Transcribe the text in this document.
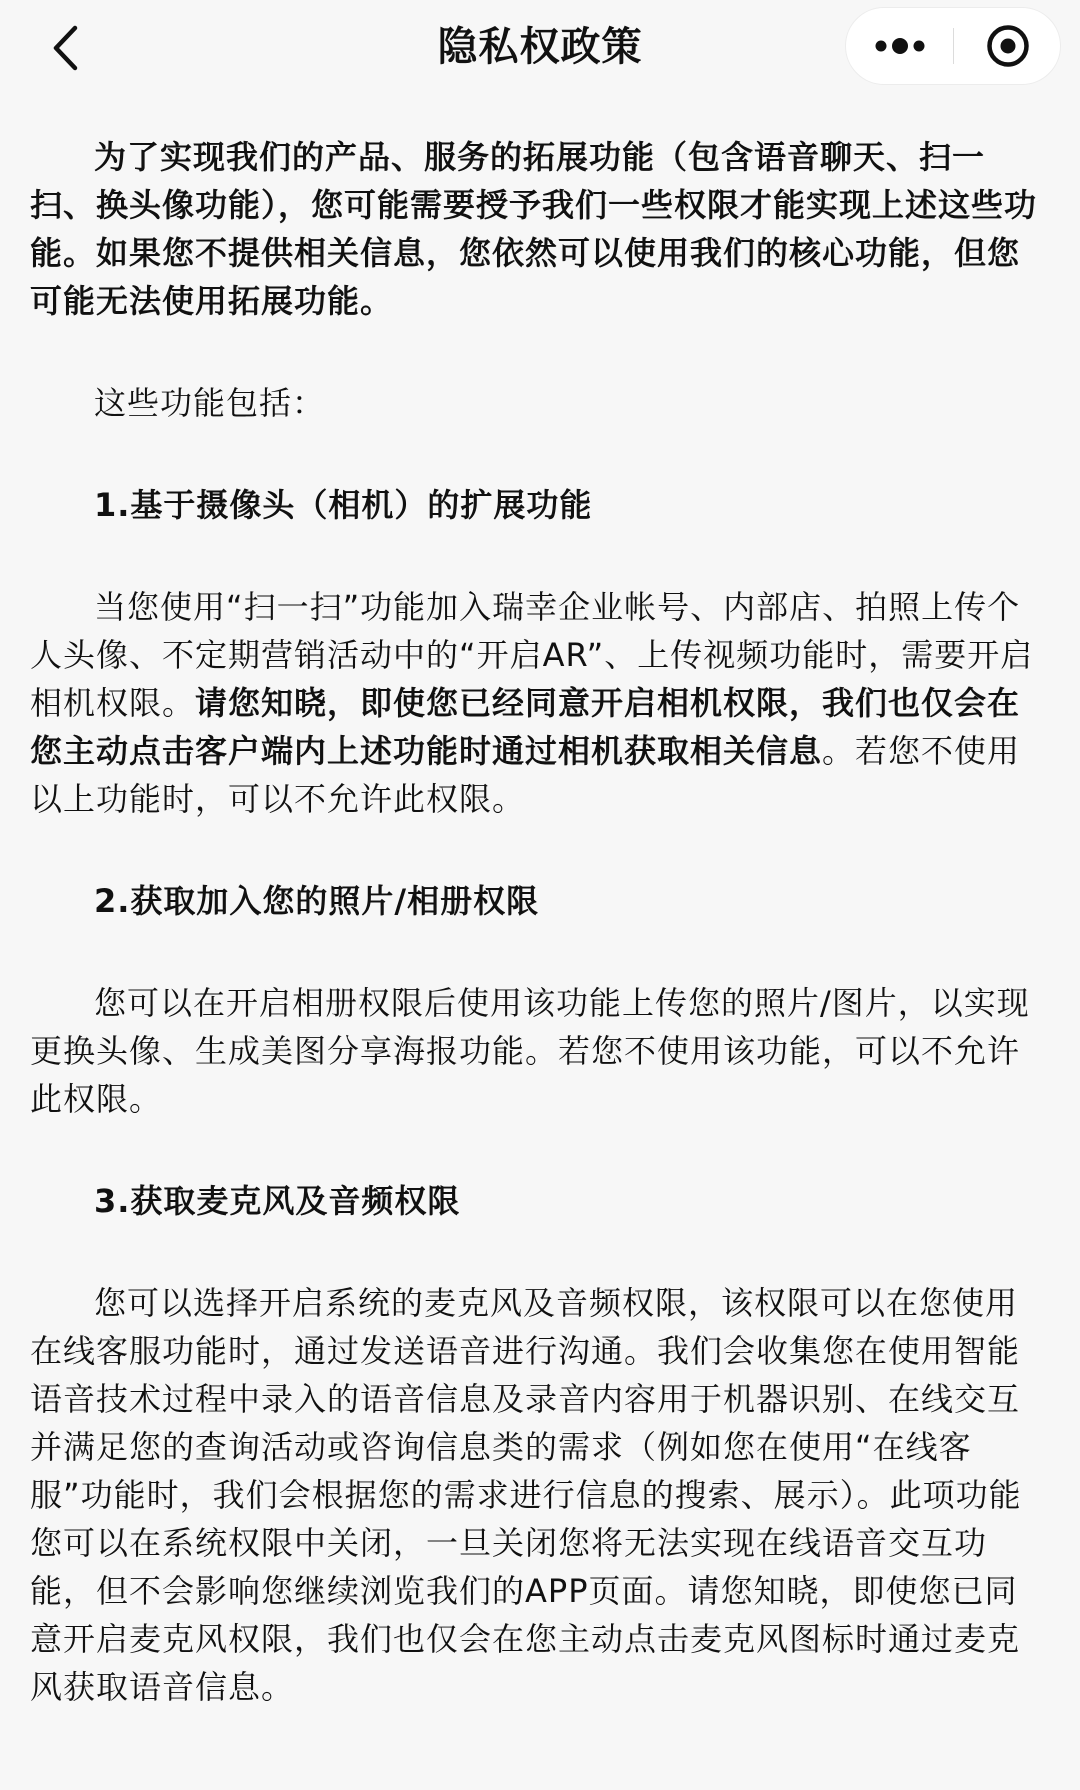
隐私权政策

为了实现我们的产品、服务的拓展功能（包含语音聊天、扫一扫、换头像功能），您可能需要授予我们一些权限才能实现上述这些功能。如果您不提供相关信息，您依然可以使用我们的核心功能，但您可能无法使用拓展功能。

这些功能包括：

1.基于摄像头（相机）的扩展功能

当您使用“扫一扫”功能加入瑞幸企业帐号、内部店、拍照上传个人头像、不定期营销活动中的“开启AR”、上传视频功能时，需要开启相机权限。请您知晓，即使您已经同意开启相机权限，我们也仅会在您主动点击客户端内上述功能时通过相机获取相关信息。若您不使用以上功能时，可以不允许此权限。

2.获取加入您的照片/相册权限

您可以在开启相册权限后使用该功能上传您的照片/图片，以实现更换头像、生成美图分享海报功能。若您不使用该功能，可以不允许此权限。

3.获取麦克风及音频权限

您可以选择开启系统的麦克风及音频权限，该权限可以在您使用在线客服功能时，通过发送语音进行沟通。我们会收集您在使用智能语音技术过程中录入的语音信息及录音内容用于机器识别、在线交互并满足您的查询活动或咨询信息类的需求（例如您在使用“在线客服”功能时，我们会根据您的需求进行信息的搜索、展示）。此项功能您可以在系统权限中关闭，一旦关闭您将无法实现在线语音交互功能，但不会影响您继续浏览我们的APP页面。请您知晓，即使您已同意开启麦克风权限，我们也仅会在您主动点击麦克风图标时通过麦克风获取语音信息。
